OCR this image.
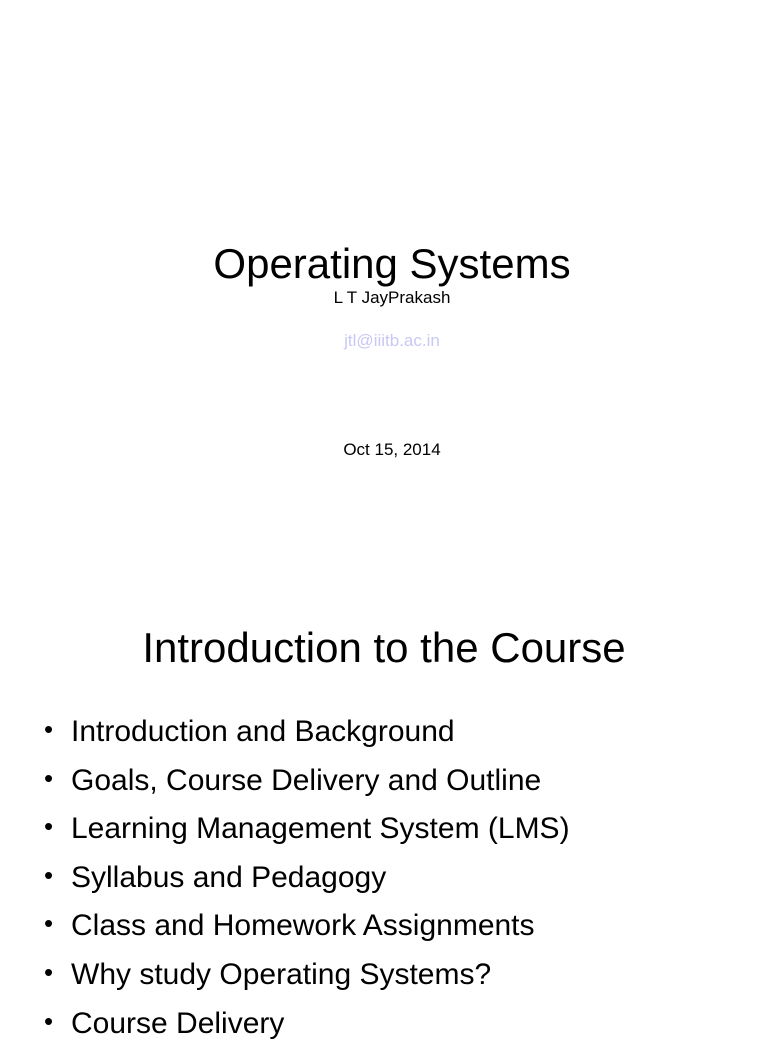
Operating Systems
L T JayPrakash
jtl@iiitb.ac.in
Oct 15, 2014
Introduction to the Course
• Introduction and Background
• Goals, Course Delivery and Outline
• Learning Management System (LMS)
• Syllabus and Pedagogy
• Class and Homework Assignments
• Why study Operating Systems?
• Course Delivery
